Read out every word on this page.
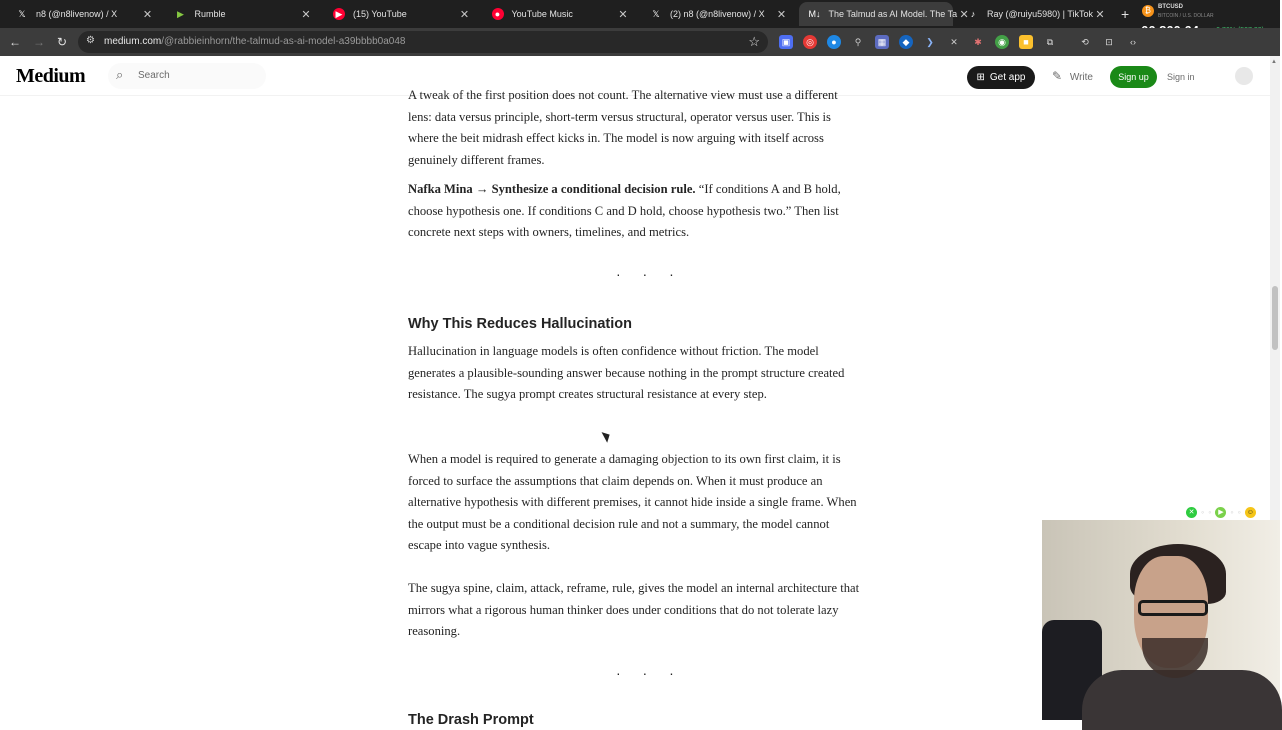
𝕏 n8 (@n8livenow) / X	✕	▶ Rumble	✕	▶ (15) YouTube	✕	●	YouTube Music	✕	𝕏 (2) n8 (@n8livenow) / X	✕ M↓ The Talmud as AI Model. The Ta ✕ ♪	Ray (@ruiyu5980) | TikTok ✕ +	₿	BTCUSD
BITCOIN / U.S. DOLLAR
← → ↻	⚙ medium.com/@rabbieinhorn/the-talmud-as-ai-model-a39bbbb0a048	☆	▣	◎	●	⚲	▦	◆	❯	✕	✱	◉	■	⧉	⟲	⊡	‹›
Medium ⌕	Search	⊞ Get app ✎ Write	Sign up	Sign in
▲

A tweak of the first position does not count. The alternative view must use a different lens: data versus principle, short-term versus structural, operator versus user. This is where the beit midrash effect kicks in. The model is now arguing with itself across genuinely different frames.

Nafka Mina → Synthesize a conditional decision rule. “If conditions A and B hold, choose hypothesis one. If conditions C and D hold, choose hypothesis two.” Then list concrete next steps with owners, timelines, and metrics.

· · ·
Why This Reduces Hallucination

Hallucination in language models is often confidence without friction. The model generates a plausible-sounding answer because nothing in the prompt structure created resistance. The sugya prompt creates structural resistance at every step.

When a model is required to generate a damaging objection to its own first claim, it is forced to surface the assumptions that claim depends on. When it must produce an alternative hypothesis with different premises, it cannot hide inside a single frame. When the output must be a conditional decision rule and not a summary, the model cannot escape into vague synthesis.

The sugya spine, claim, attack, reframe, rule, gives the model an internal architecture that mirrors what a rigorous human thinker does under conditions that do not tolerate lazy reasoning.

· · ·
The Drash Prompt
✕ ◦ ◦ ▶ ◦ ◦ ☺
